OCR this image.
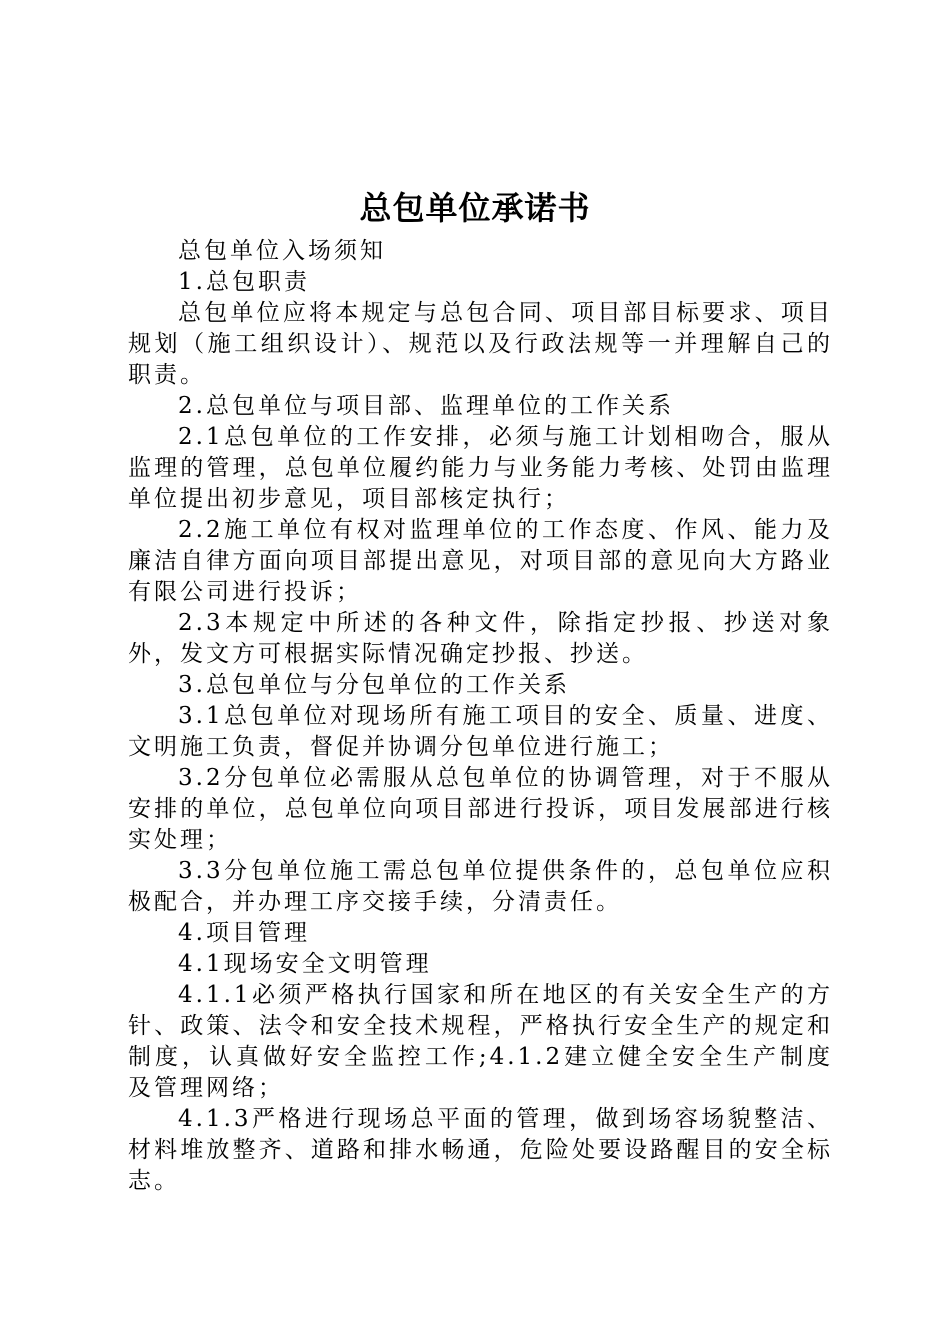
总包单位承诺书

总包单位入场须知

1.总包职责

总包单位应将本规定与总包合同、项目部目标要求、项目规划（施工组织设计）、规范以及行政法规等一并理解自己的职责。

2.总包单位与项目部、监理单位的工作关系

2.1总包单位的工作安排，必须与施工计划相吻合，服从监理的管理，总包单位履约能力与业务能力考核、处罚由监理单位提出初步意见，项目部核定执行；

2.2施工单位有权对监理单位的工作态度、作风、能力及廉洁自律方面向项目部提出意见，对项目部的意见向大方路业有限公司进行投诉；

2.3本规定中所述的各种文件，除指定抄报、抄送对象外，发文方可根据实际情况确定抄报、抄送。

3.总包单位与分包单位的工作关系

3.1总包单位对现场所有施工项目的安全、质量、进度、文明施工负责，督促并协调分包单位进行施工；

3.2分包单位必需服从总包单位的协调管理，对于不服从安排的单位，总包单位向项目部进行投诉，项目发展部进行核实处理；

3.3分包单位施工需总包单位提供条件的，总包单位应积极配合，并办理工序交接手续，分清责任。

4.项目管理

4.1现场安全文明管理

4.1.1必须严格执行国家和所在地区的有关安全生产的方针、政策、法令和安全技术规程，严格执行安全生产的规定和制度，认真做好安全监控工作;4.1.2建立健全安全生产制度及管理网络；

4.1.3严格进行现场总平面的管理，做到场容场貌整洁、材料堆放整齐、道路和排水畅通，危险处要设路醒目的安全标志。
